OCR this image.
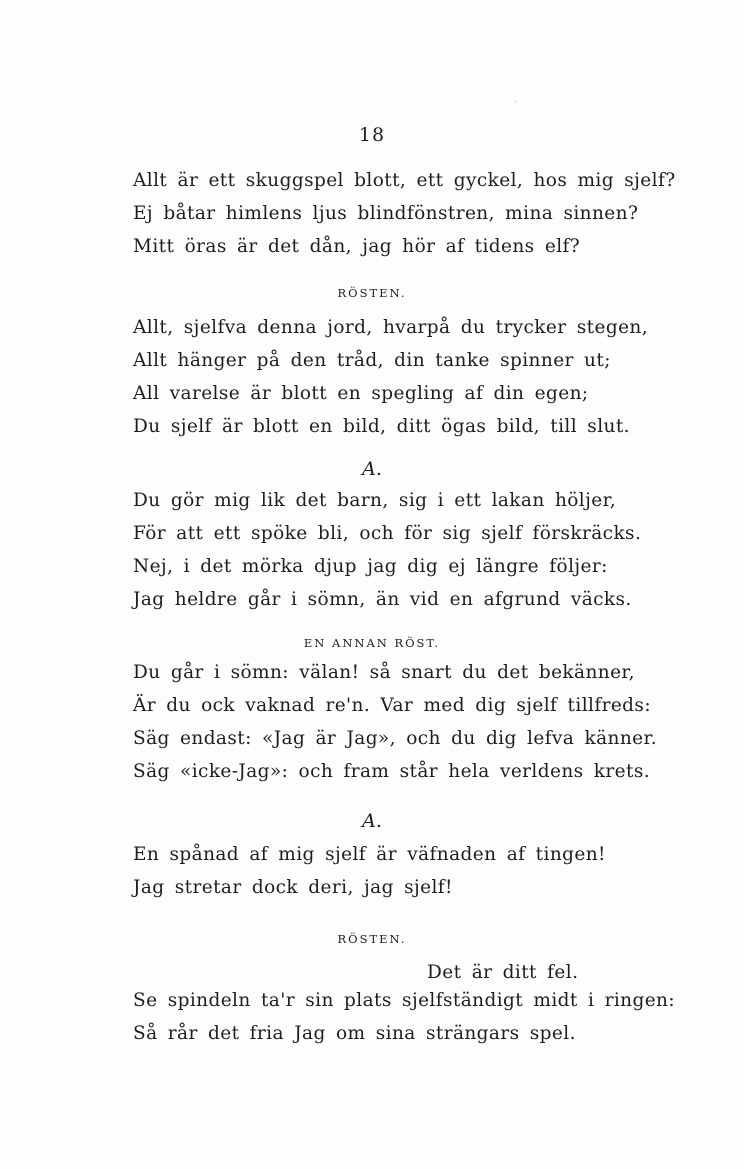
18
Allt är ett skuggspel blott, ett gyckel, hos mig sjelf?
Ej båtar himlens ljus blindfönstren, mina sinnen?
Mitt öras är det dån, jag hör af tidens elf?
RÖSTEN.
Allt, sjelfva denna jord, hvarpå du trycker stegen,
Allt hänger på den tråd, din tanke spinner ut;
All varelse är blott en spegling af din egen;
Du sjelf är blott en bild, ditt ögas bild, till slut.
A.
Du gör mig lik det barn, sig i ett lakan höljer,
För att ett spöke bli, och för sig sjelf förskräcks.
Nej, i det mörka djup jag dig ej längre följer:
Jag heldre går i sömn, än vid en afgrund väcks.
EN ANNAN RÖST.
Du går i sömn: välan! så snart du det bekänner,
Är du ock vaknad re'n. Var med dig sjelf tillfreds:
Säg endast: «Jag är Jag», och du dig lefva känner.
Säg «icke-Jag»: och fram står hela verldens krets.
A.
En spånad af mig sjelf är väfnaden af tingen!
Jag stretar dock deri, jag sjelf!
RÖSTEN.
Det är ditt fel.
Se spindeln ta'r sin plats sjelfständigt midt i ringen:
Så rår det fria Jag om sina strängars spel.
